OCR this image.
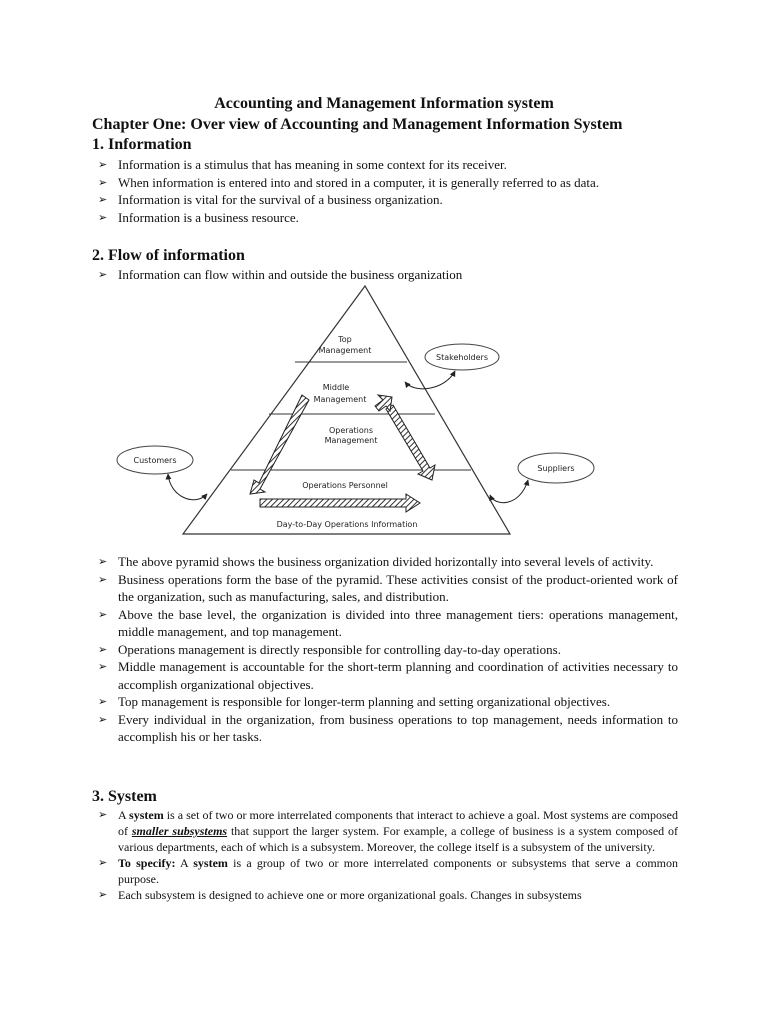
Accounting and Management Information system
Chapter One: Over view of Accounting and Management Information System
1. Information
➢ Information is a stimulus that has meaning in some context for its receiver.
➢ When information is entered into and stored in a computer, it is generally referred to as data.
➢ Information is vital for the survival of a business organization.
➢ Information is a business resource.
2. Flow of information
➢ Information can flow within and outside the business organization
Top
Management
Middle
Management
Operations
Management
Operations Personnel
Day-to-Day Operations Information
Stakeholders
Customers
Suppliers
➢ The above pyramid shows the business organization divided horizontally into several levels of activity.
➢ Business operations form the base of the pyramid. These activities consist of the product-oriented work of the organization, such as manufacturing, sales, and distribution.
➢ Above the base level, the organization is divided into three management tiers: operations management, middle management, and top management.
➢ Operations management is directly responsible for controlling day-to-day operations.
➢ Middle management is accountable for the short-term planning and coordination of activities necessary to accomplish organizational objectives.
➢ Top management is responsible for longer-term planning and setting organizational objectives.
➢ Every individual in the organization, from business operations to top management, needs information to accomplish his or her tasks.
3. System
➢ A system is a set of two or more interrelated components that interact to achieve a goal. Most systems are composed of smaller subsystems that support the larger system. For example, a college of business is a system composed of various departments, each of which is a subsystem. Moreover, the college itself is a subsystem of the university.
➢ To specify: A system is a group of two or more interrelated components or subsystems that serve a common purpose.
➢ Each subsystem is designed to achieve one or more organizational goals. Changes in subsystems
